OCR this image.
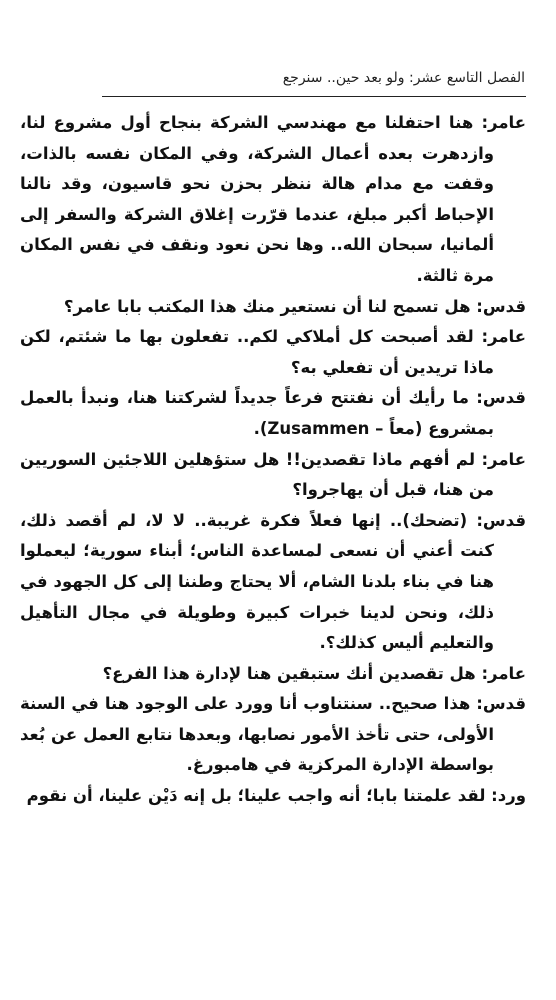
الفصل التاسع عشر: ولو بعد حين.. سنرجع

عامر: هنا احتفلنا مع مهندسي الشركة بنجاح أول مشروع لنا، وازدهرت بعده أعمال الشركة، وفي المكان نفسه بالذات، وقفت مع مدام هالة ننظر بحزن نحو قاسيون، وقد نالنا الإحباط أكبر مبلغ، عندما قرّرت إغلاق الشركة والسفر إلى ألمانيا، سبحان الله.. وها نحن نعود ونقف في نفس المكان مرة ثالثة.

قدس: هل تسمح لنا أن نستعير منك هذا المكتب بابا عامر؟

عامر: لقد أصبحت كل أملاكي لكم.. تفعلون بها ما شئتم، لكن ماذا تريدين أن تفعلي به؟

قدس: ما رأيك أن نفتتح فرعاً جديداً لشركتنا هنا، ونبدأ بالعمل بمشروع (معاً – Zusammen).

عامر: لم أفهم ماذا تقصدين!! هل ستؤهلين اللاجئين السوريين من هنا، قبل أن يهاجروا؟

قدس: (تضحك).. إنها فعلاً فكرة غريبة.. لا لا، لم أقصد ذلك، كنت أعني أن نسعى لمساعدة الناس؛ أبناء سورية؛ ليعملوا هنا في بناء بلدنا الشام، ألا يحتاج وطننا إلى كل الجهود في ذلك، ونحن لدينا خبرات كبيرة وطويلة في مجال التأهيل والتعليم أليس كذلك؟.

عامر: هل تقصدين أنك ستبقين هنا لإدارة هذا الفرع؟

قدس: هذا صحيح.. سنتناوب أنا وورد على الوجود هنا في السنة الأولى، حتى تأخذ الأمور نصابها، وبعدها نتابع العمل عن بُعد بواسطة الإدارة المركزية في هامبورغ.

ورد: لقد علمتنا بابا؛ أنه واجب علينا؛ بل إنه دَيْن علينا، أن نقوم
